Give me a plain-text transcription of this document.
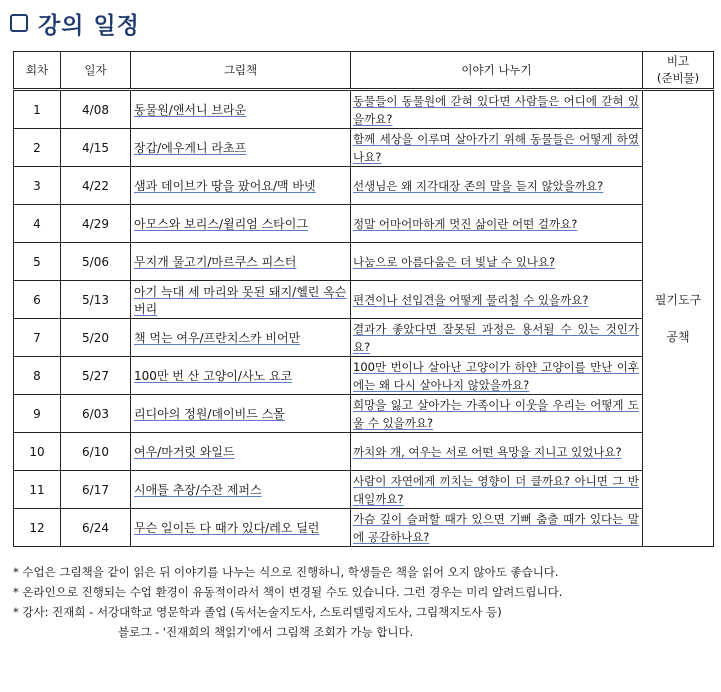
강의 일정
회차	일자	그림책	이야기 나누기	비고
(준비물)

1	4/08	동물원/앤서니 브라운	동물들이 동물원에 갇혀 있다면 사람들은 어디에 갇혀 있을까요?	필기도구
공책

2	4/15	장갑/에우게니 라초프	함께 세상을 이루며 살아가기 위해 동물들은 어떻게 하였나요?	
3	4/22	샘과 데이브가 땅을 팠어요/맥 바넷	선생님은 왜 지각대장 존의 말을 듣지 않았을까요?	
4	4/29	아모스와 보리스/윌리엄 스타이그	정말 어마어마하게 멋진 삶이란 어떤 걸까요?	
5	5/06	무지개 물고기/마르쿠스 피스터	나눔으로 아름다움은 더 빛날 수 있나요?	
6	5/13	아기 늑대 세 마리와 못된 돼지/헬린 옥슨버리	편견이나 선입견을 어떻게 물리칠 수 있을까요?	
7	5/20	책 먹는 여우/프란치스카 비어만	결과가 좋았다면 잘못된 과정은 용서될 수 있는 것인가요?	
8	5/27	100만 번 산 고양이/사노 요코	100만 번이나 살아난 고양이가 하얀 고양이를 만난 이후에는 왜 다시 살아나지 않았을까요?	
9	6/03	리디아의 정원/데이비드 스몰	희망을 잃고 살아가는 가족이나 이웃을 우리는 어떻게 도울 수 있을까요?	
10	6/10	여우/마거릿 와일드	까치와 개, 여우는 서로 어떤 욕망을 지니고 있었나요?	
11	6/17	시애틀 추장/수잔 제퍼스	사람이 자연에게 끼치는 영향이 더 클까요? 아니면 그 반대일까요?	
12	6/24	무슨 일이든 다 때가 있다/레오 딜런	가슴 깊이 슬퍼할 때가 있으면 기뻐 춤출 때가 있다는 말에 공감하나요?	
* 수업은 그림책을 같이 읽은 뒤 이야기를 나누는 식으로 진행하니, 학생들은 책을 읽어 오지 않아도 좋습니다.
* 온라인으로 진행되는 수업 환경이 유동적이라서 책이 변경될 수도 있습니다. 그런 경우는 미리 알려드립니다.
* 강사: 진재희 - 서강대학교 영문학과 졸업 (독서논술지도사, 스토리텔링지도사, 그림책지도사 등)
블로그 - '진재희의 책읽기'에서 그림책 조회가 가능 합니다.
